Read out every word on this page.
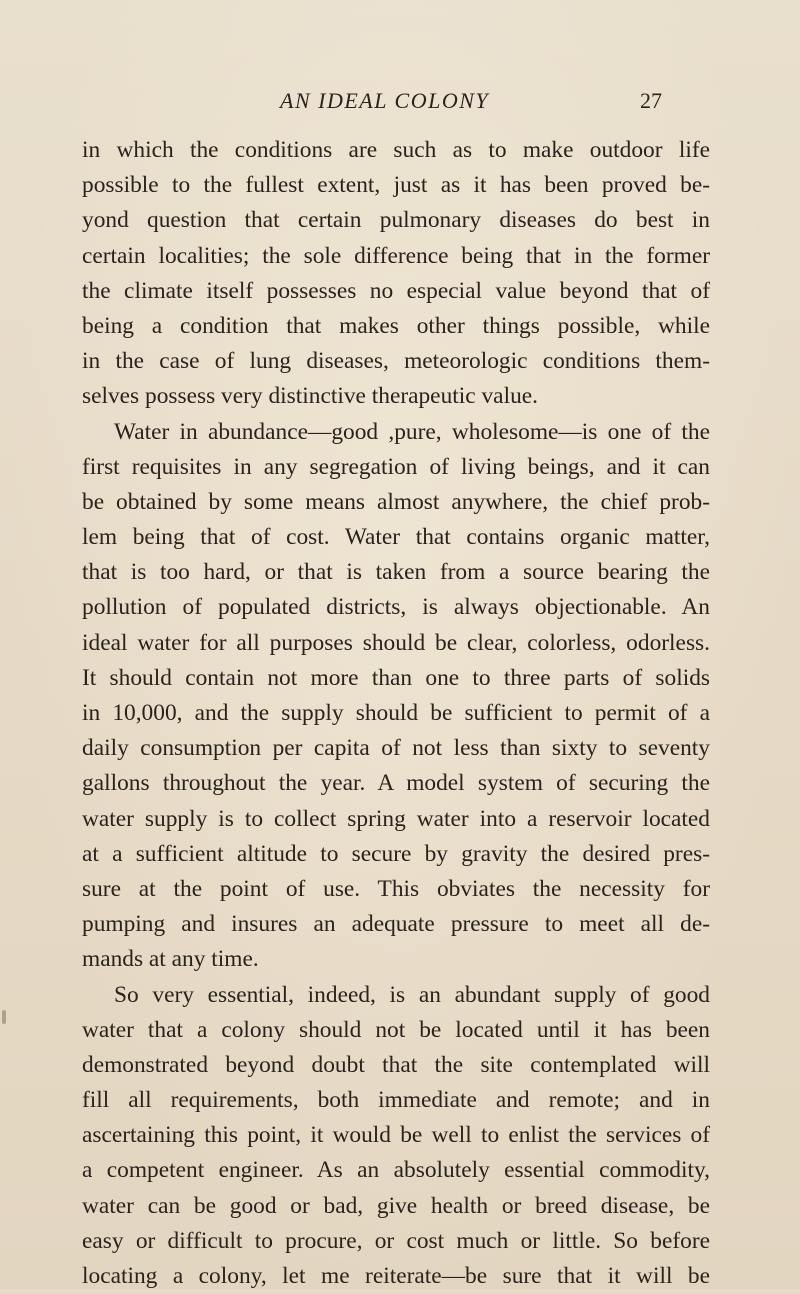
AN IDEAL COLONY	27
in which the conditions are such as to make outdoor life
possible to the fullest extent, just as it has been proved be-
yond question that certain pulmonary diseases do best in
certain localities; the sole difference being that in the former
the climate itself possesses no especial value beyond that of
being a condition that makes other things possible, while
in the case of lung diseases, meteorologic conditions them-
selves possess very distinctive therapeutic value.
Water in abundance—good ,pure, wholesome—is one of the
first requisites in any segregation of living beings, and it can
be obtained by some means almost anywhere, the chief prob-
lem being that of cost. Water that contains organic matter,
that is too hard, or that is taken from a source bearing the
pollution of populated districts, is always objectionable. An
ideal water for all purposes should be clear, colorless, odorless.
It should contain not more than one to three parts of solids
in 10,000, and the supply should be sufficient to permit of a
daily consumption per capita of not less than sixty to seventy
gallons throughout the year. A model system of securing the
water supply is to collect spring water into a reservoir located
at a sufficient altitude to secure by gravity the desired pres-
sure at the point of use. This obviates the necessity for
pumping and insures an adequate pressure to meet all de-
mands at any time.
So very essential, indeed, is an abundant supply of good
water that a colony should not be located until it has been
demonstrated beyond doubt that the site contemplated will
fill all requirements, both immediate and remote; and in
ascertaining this point, it would be well to enlist the services of
a competent engineer. As an absolutely essential commodity,
water can be good or bad, give health or breed disease, be
easy or difficult to procure, or cost much or little. So before
locating a colony, let me reiterate—be sure that it will be
